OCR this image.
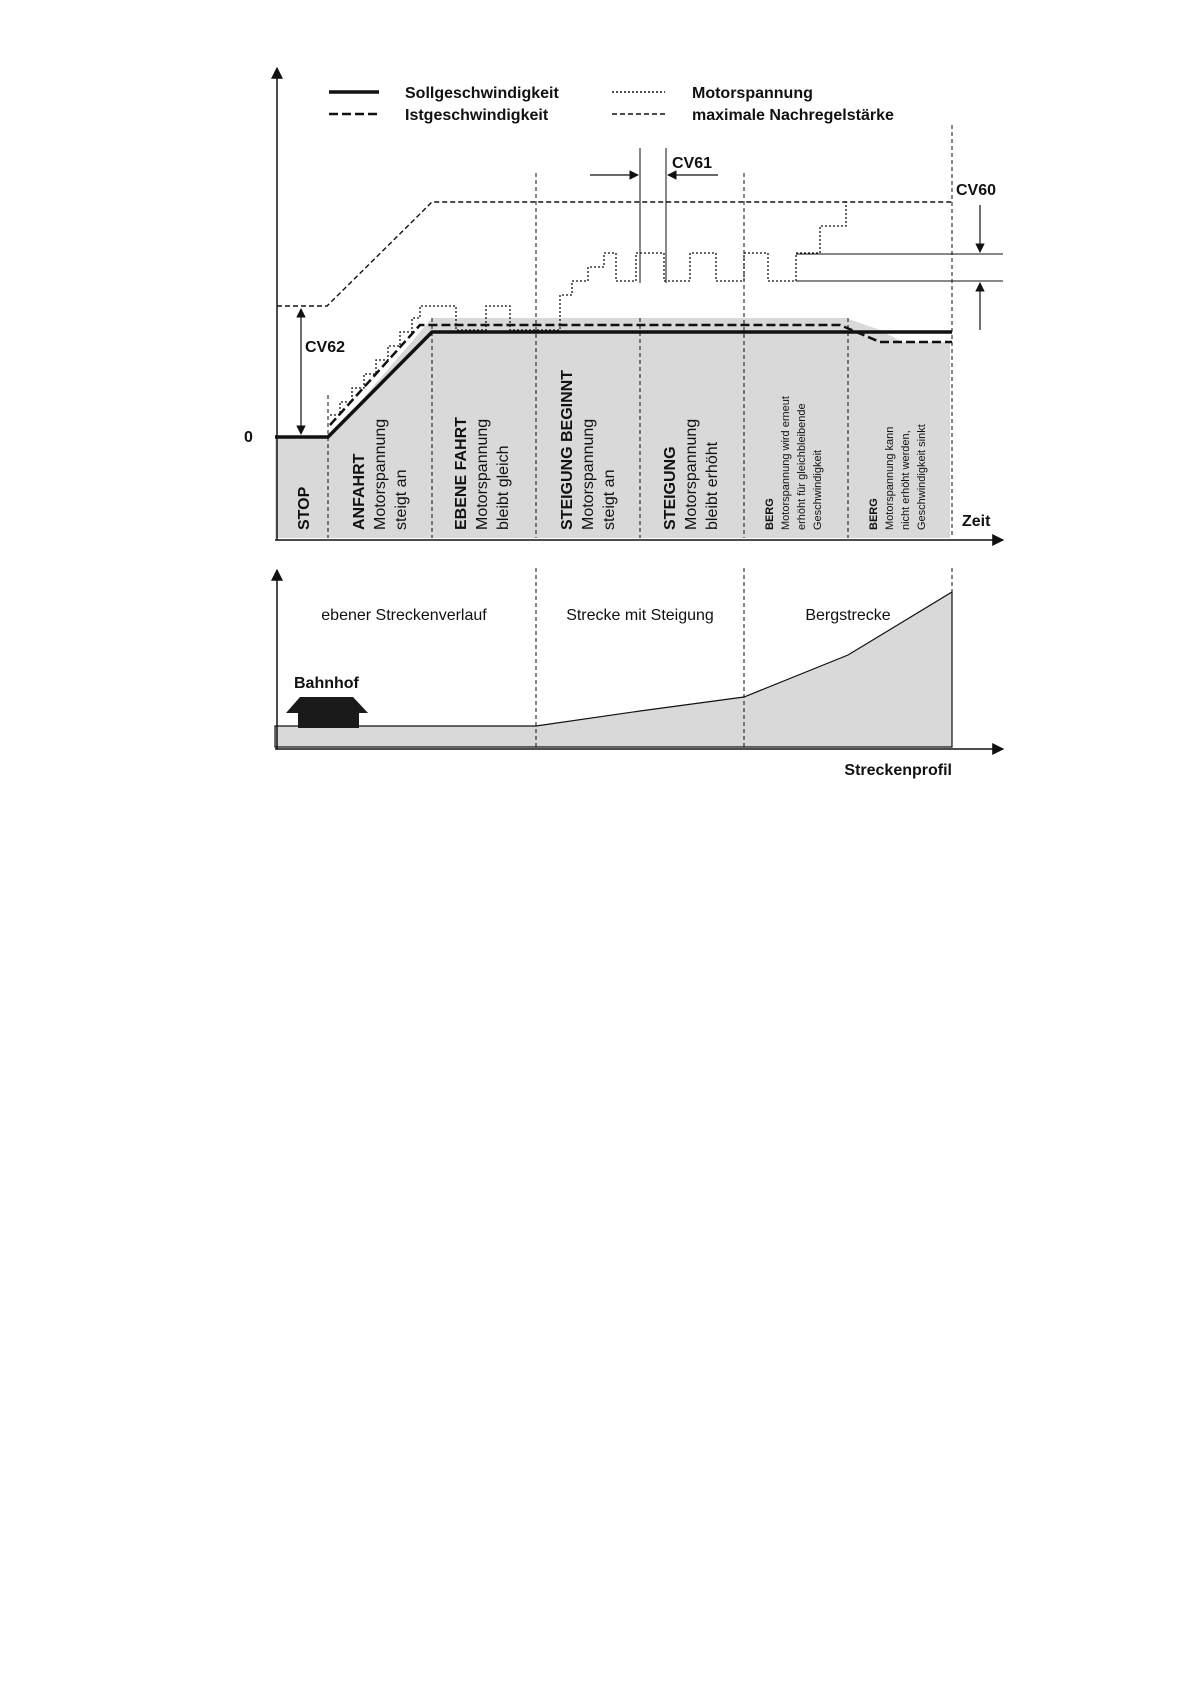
Sollgeschwindigkeit
Istgeschwindigkeit
Motorspannung
maximale Nachregelstärke
0
Zeit
CV62
CV61
CV60
STOP ANFAHRT Motorspannung steigt an	EBENE FAHRT Motorspannung bleibt gleich	STEIGUNG BEGINNT Motorspannung steigt an	STEIGUNG Motorspannung bleibt erhöht	BERG Motorspannung wird erneut erhöht für gleichbleibende Geschwindigkeit	BERG Motorspannung kann nicht erhöht werden, Geschwindigkeit sinkt
ebener Streckenverlauf	Strecke mit Steigung	Bergstrecke
Bahnhof
Streckenprofil
